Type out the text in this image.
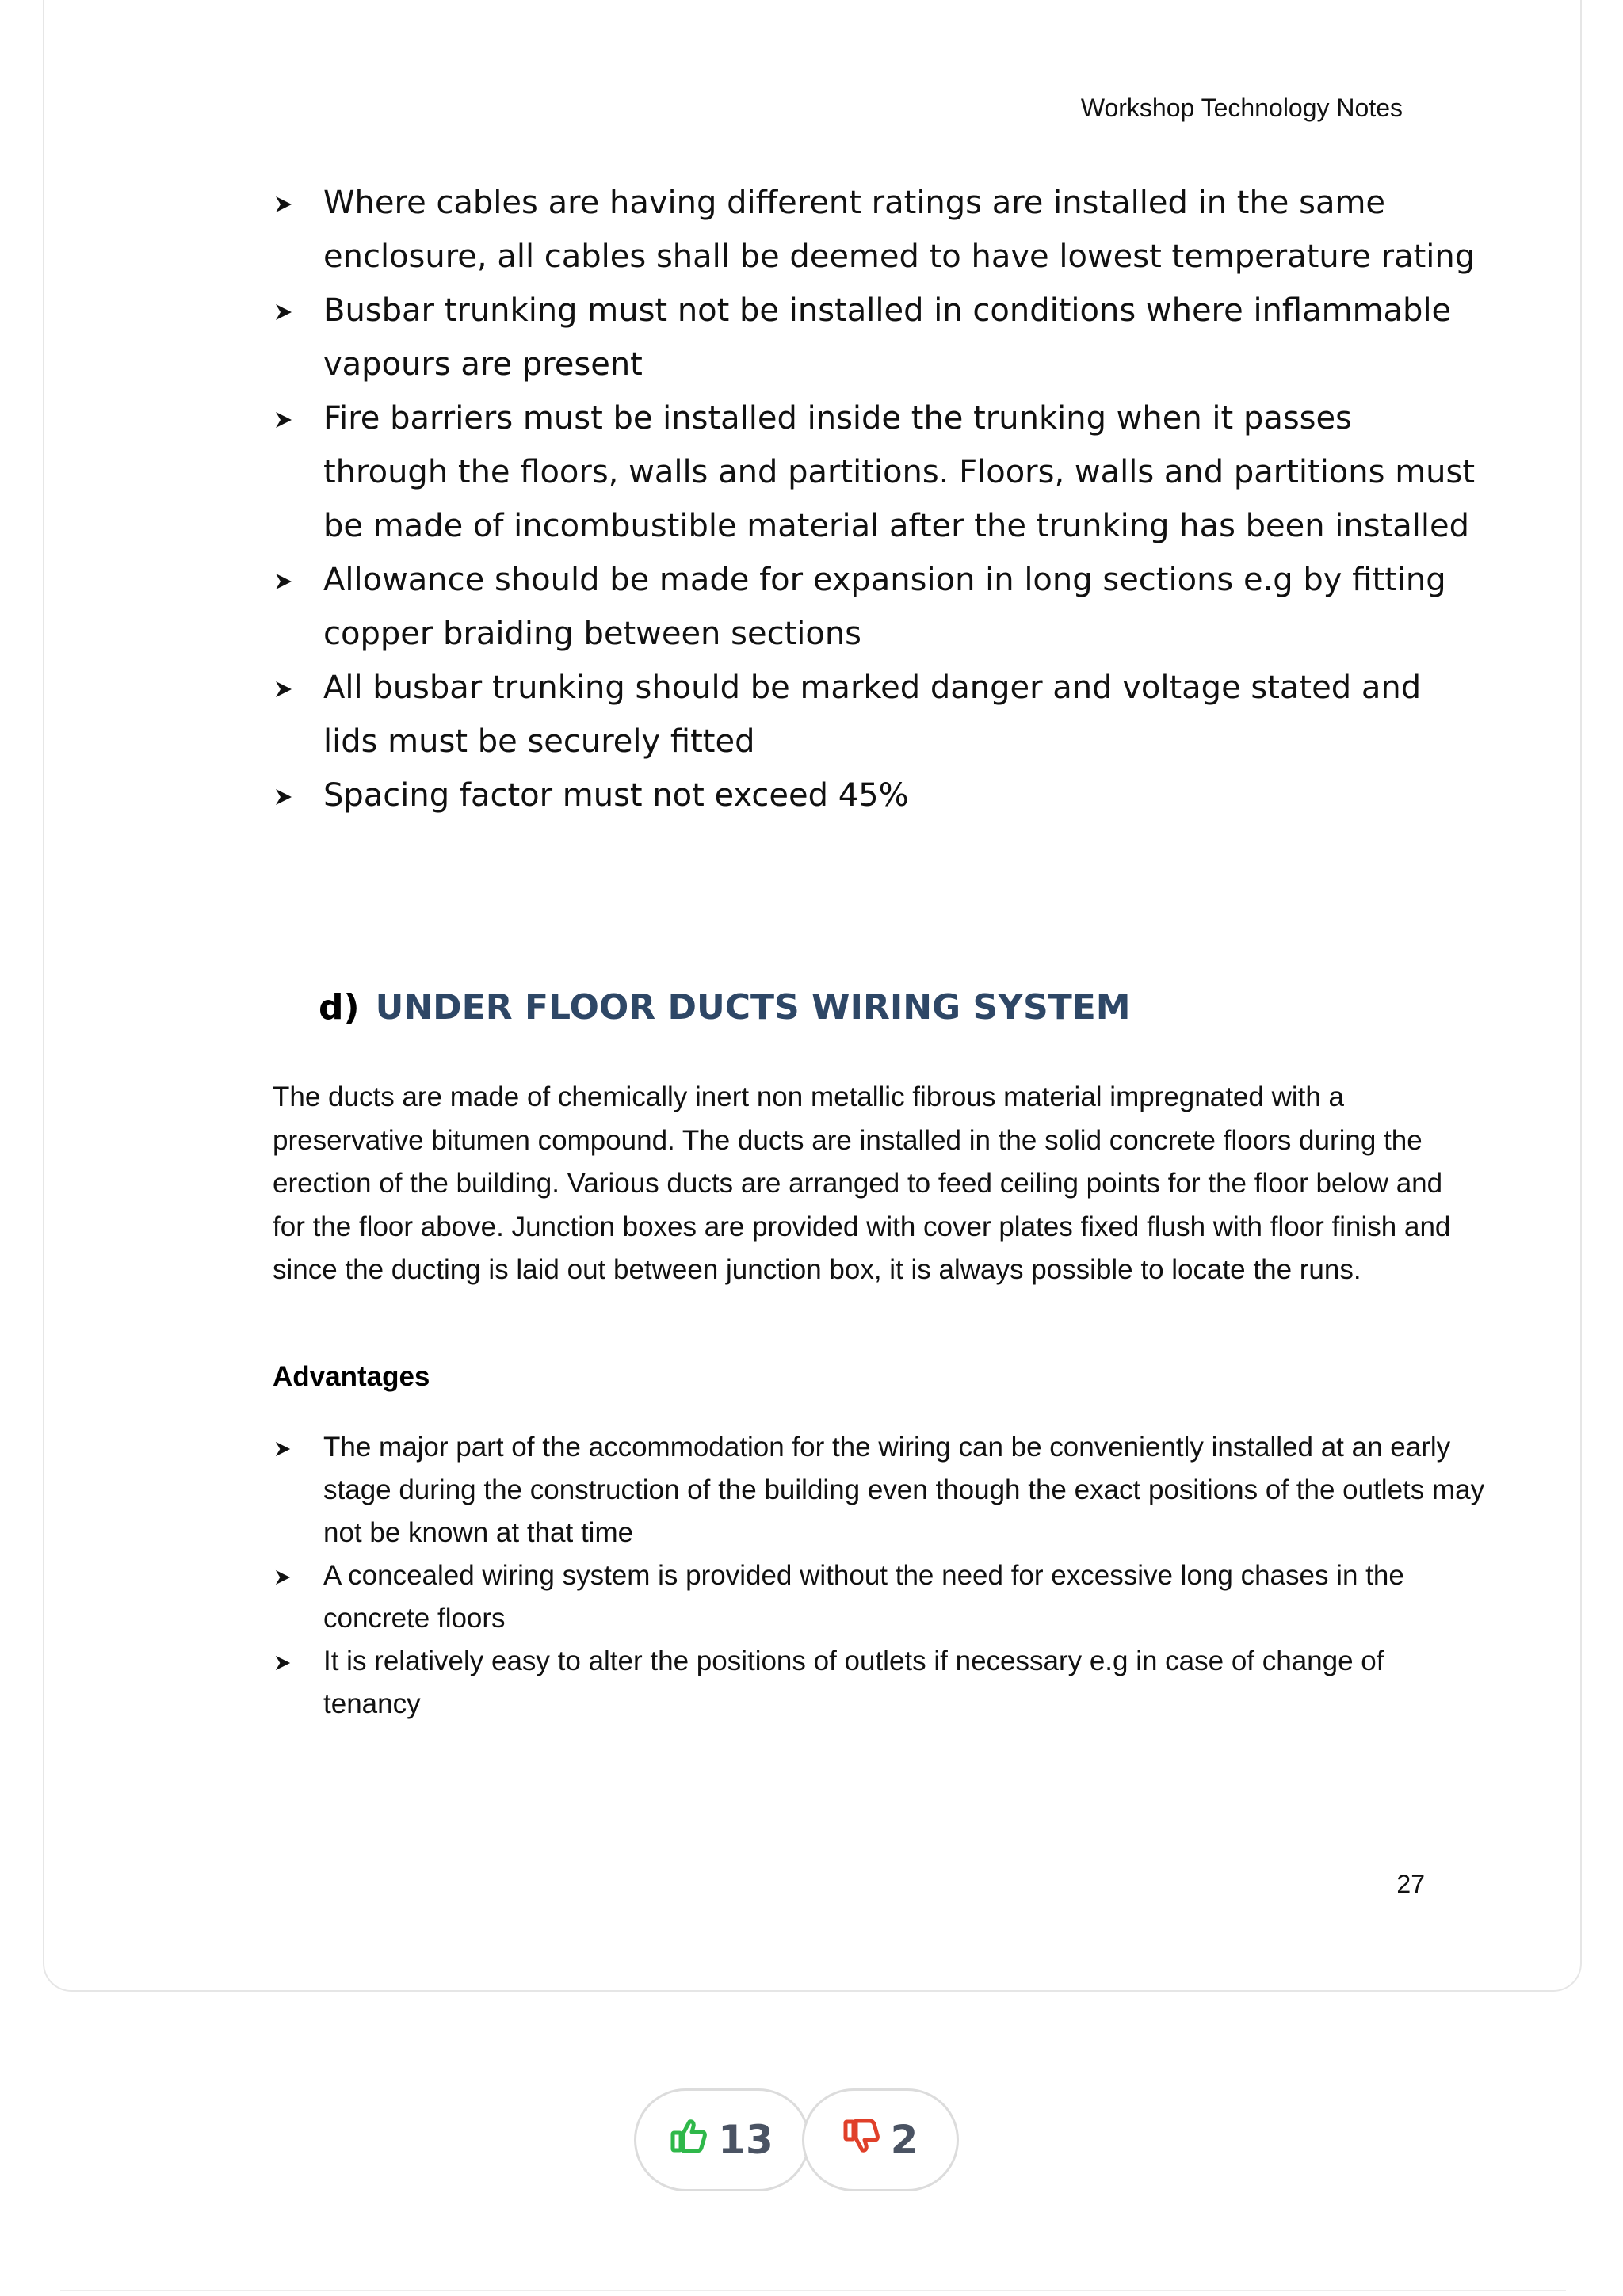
Workshop Technology Notes
Where cables are having different ratings are installed in the same enclosure, all cables shall be deemed to have lowest temperature rating
Busbar trunking must not be installed in conditions where inflammable vapours are present
Fire barriers must be installed inside the trunking when it passes through the floors, walls and partitions. Floors, walls and partitions must be made of incombustible material after the trunking has been installed
Allowance should be made for expansion in long sections e.g by fitting copper braiding between sections
All busbar trunking should be marked danger and voltage stated and lids must be securely fitted
Spacing factor must not exceed 45%
d) UNDER FLOOR DUCTS WIRING SYSTEM

The ducts are made of chemically inert non metallic fibrous material impregnated with a preservative bitumen compound. The ducts are installed in the solid concrete floors during the erection of the building. Various ducts are arranged to feed ceiling points for the floor below and for the floor above. Junction boxes are provided with cover plates fixed flush with floor finish and since the ducting is laid out between junction box, it is always possible to locate the runs.

Advantages
The major part of the accommodation for the wiring can be conveniently installed at an early stage during the construction of the building even though the exact positions of the outlets may not be known at that time
A concealed wiring system is provided without the need for excessive long chases in the concrete floors
It is relatively easy to alter the positions of outlets if necessary e.g in case of change of tenancy
27
13	2
